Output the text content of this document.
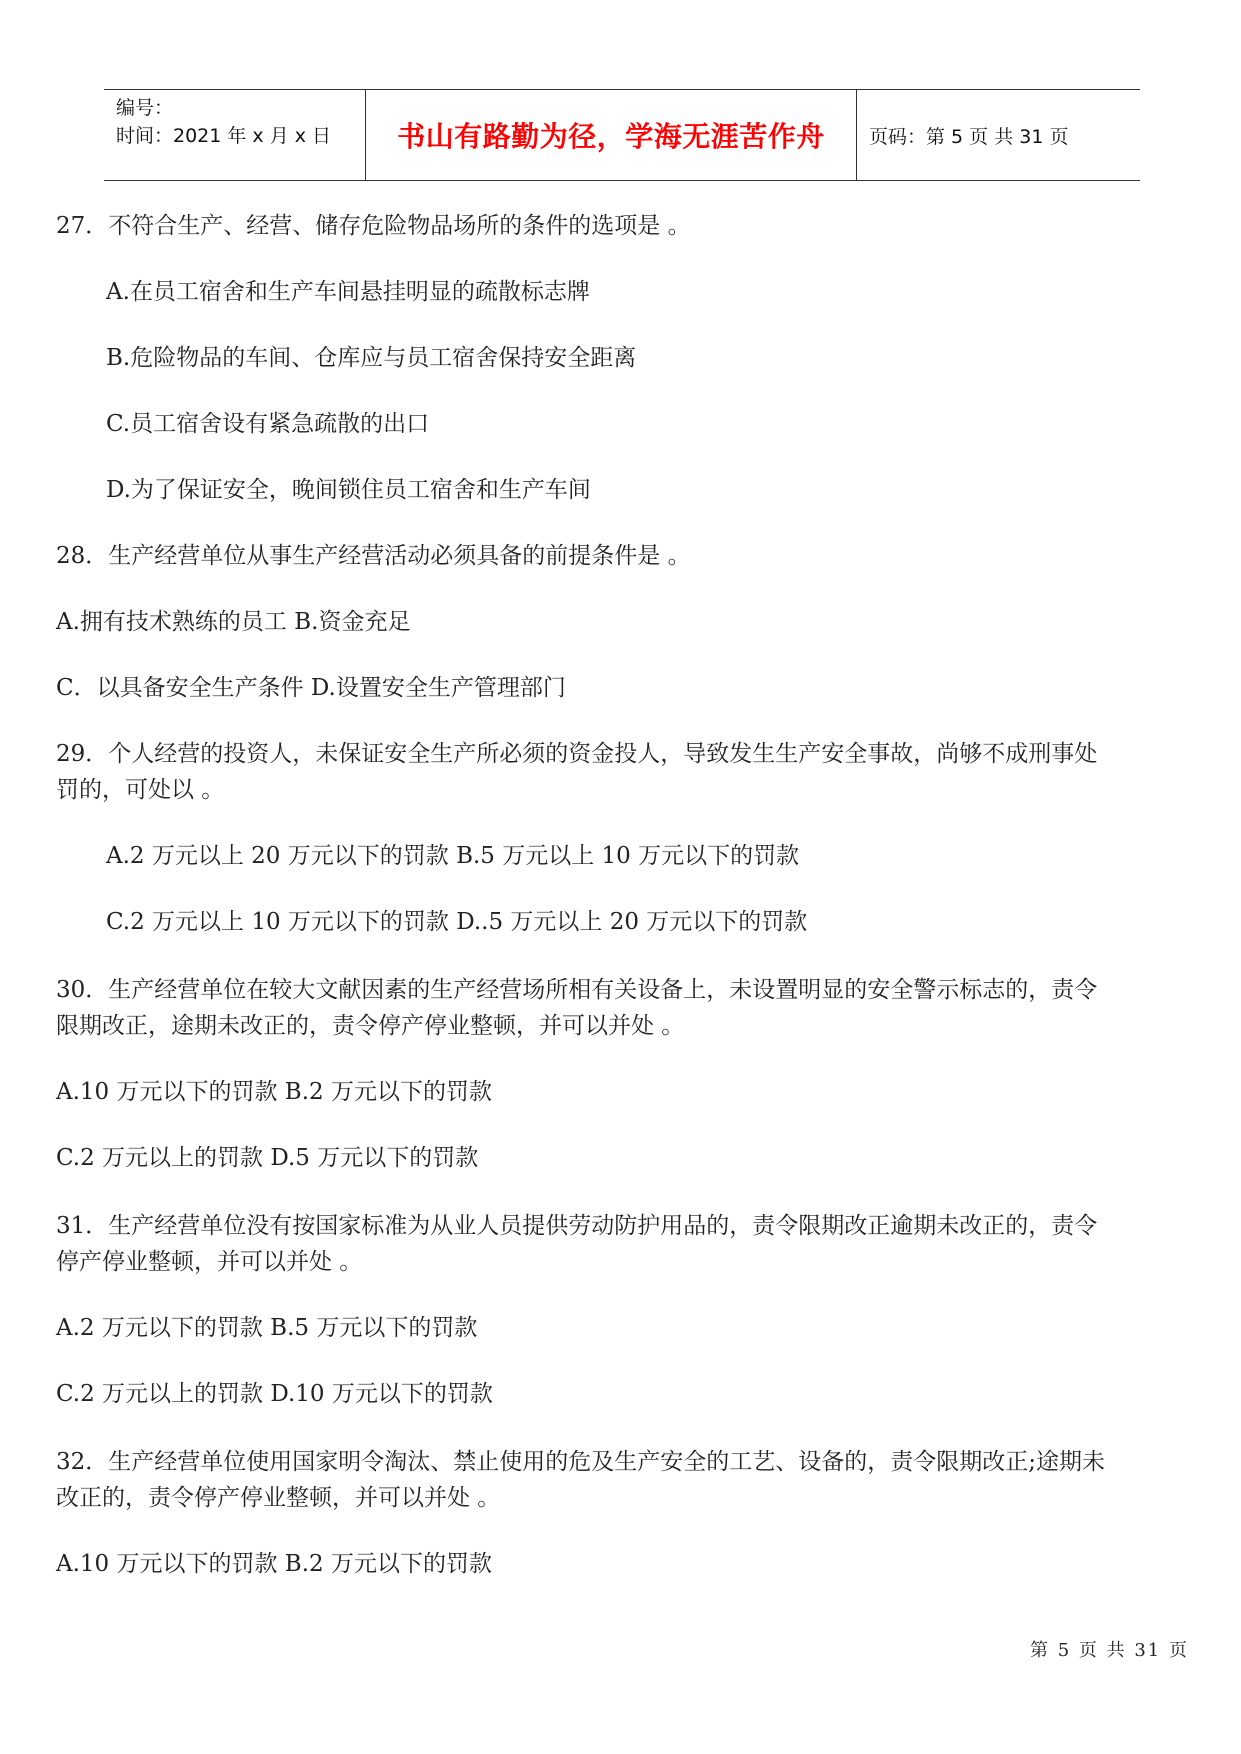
编号：
时间：2021 年 x 月 x 日	书山有路勤为径，学海无涯苦作舟	页码：第 5 页 共 31 页
27．不符合生产、经营、储存危险物品场所的条件的选项是 。
A.在员工宿舍和生产车间悬挂明显的疏散标志牌
B.危险物品的车间、仓库应与员工宿舍保持安全距离
C.员工宿舍设有紧急疏散的出口
D.为了保证安全，晚间锁住员工宿舍和生产车间
28．生产经营单位从事生产经营活动必须具备的前提条件是 。
A.拥有技术熟练的员工 B.资金充足
C．以具备安全生产条件 D.设置安全生产管理部门
29．个人经营的投资人，未保证安全生产所必须的资金投人，导致发生生产安全事故，尚够不成刑事处
罚的，可处以 。
A.2 万元以上 20 万元以下的罚款 B.5 万元以上 10 万元以下的罚款
C.2 万元以上 10 万元以下的罚款 D..5 万元以上 20 万元以下的罚款
30．生产经营单位在较大文献因素的生产经营场所相有关设备上，未设置明显的安全警示标志的，责令
限期改正，途期未改正的，责令停产停业整顿，并可以并处 。
A.10 万元以下的罚款 B.2 万元以下的罚款
C.2 万元以上的罚款 D.5 万元以下的罚款
31．生产经营单位没有按国家标准为从业人员提供劳动防护用品的，责令限期改正逾期未改正的，责令
停产停业整顿，并可以并处 。
A.2 万元以下的罚款 B.5 万元以下的罚款
C.2 万元以上的罚款 D.10 万元以下的罚款
32．生产经营单位使用国家明令淘汰、禁止使用的危及生产安全的工艺、设备的，责令限期改正;途期未
改正的，责令停产停业整顿，并可以并处 。
A.10 万元以下的罚款 B.2 万元以下的罚款
第 5 页 共 31 页
